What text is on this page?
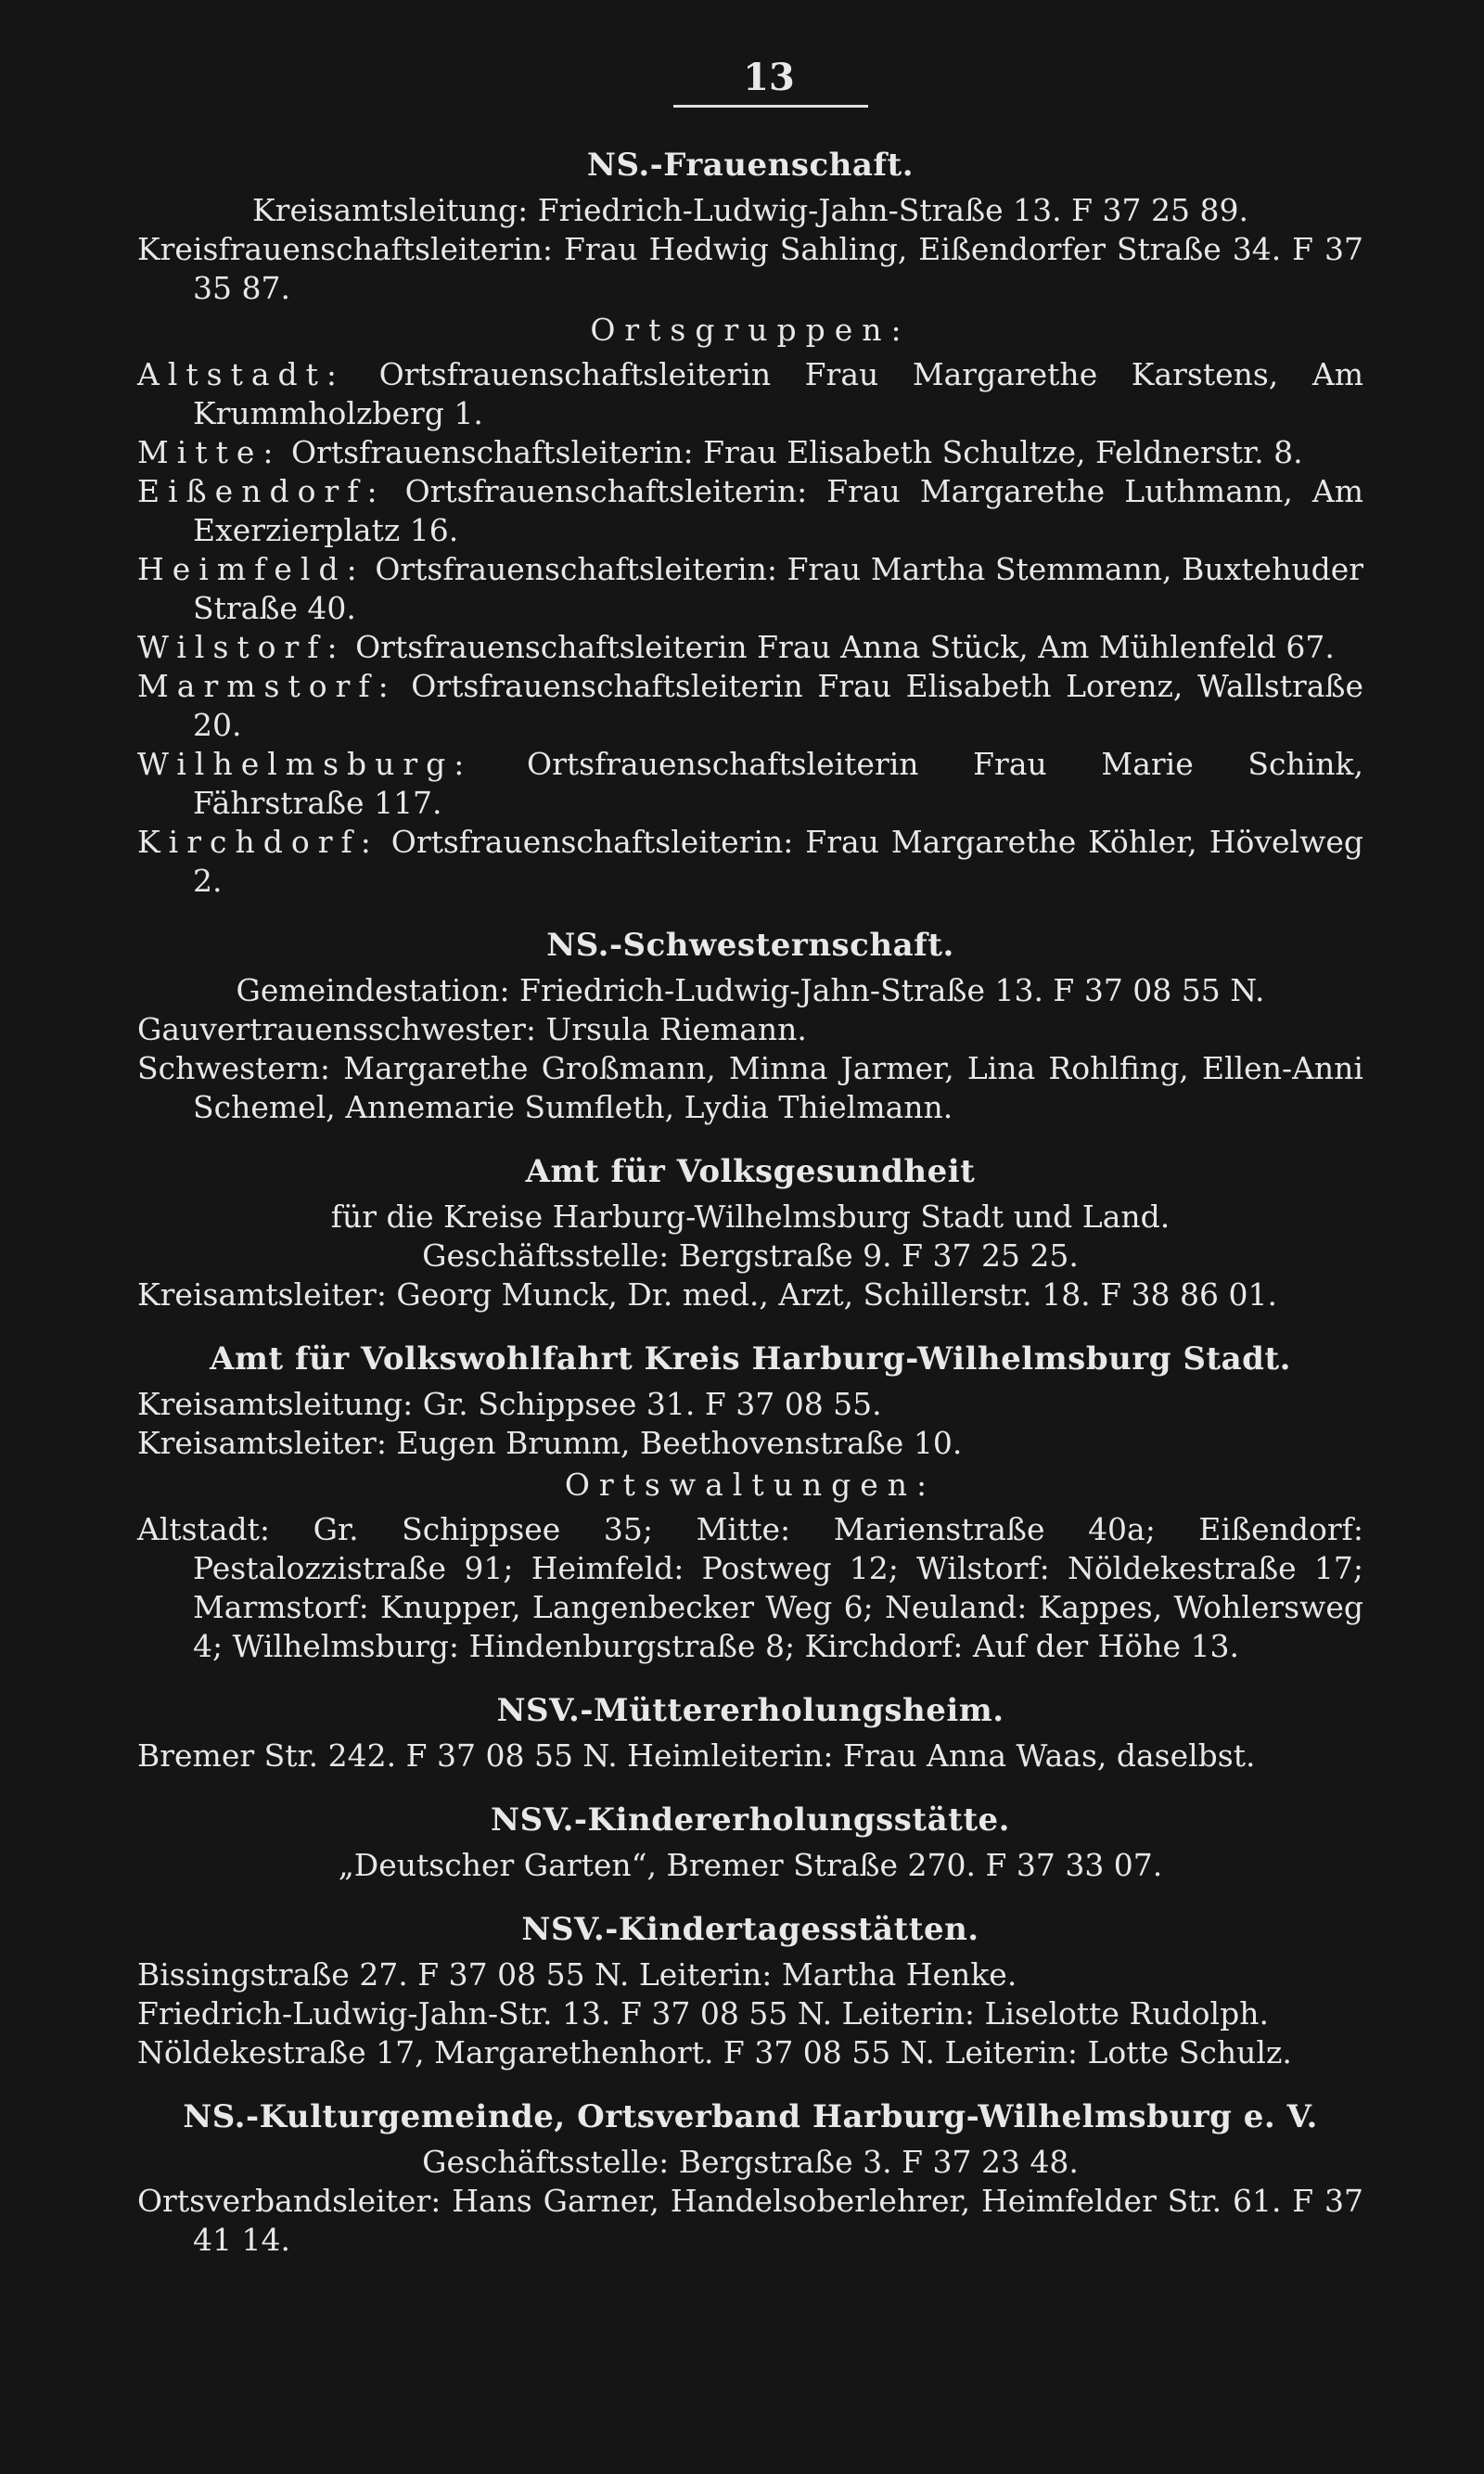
13
NS.-Frauenschaft.

Kreisamtsleitung: Friedrich-Ludwig-Jahn-Straße 13. F 37 25 89.

Kreisfrauenschaftsleiterin: Frau Hedwig Sahling, Eißendorfer Straße 34. F 37 35 87.

Ortsgruppen:

Altstadt: Ortsfrauenschaftsleiterin Frau Margarethe Karstens, Am Krummholzberg 1.

Mitte: Ortsfrauenschaftsleiterin: Frau Elisabeth Schultze, Feldnerstr. 8.

Eißendorf: Ortsfrauenschaftsleiterin: Frau Margarethe Luthmann, Am Exerzierplatz 16.

Heimfeld: Ortsfrauenschaftsleiterin: Frau Martha Stemmann, Buxtehuder Straße 40.

Wilstorf: Ortsfrauenschaftsleiterin Frau Anna Stück, Am Mühlenfeld 67.

Marmstorf: Ortsfrauenschaftsleiterin Frau Elisabeth Lorenz, Wallstraße 20.

Wilhelmsburg: Ortsfrauenschaftsleiterin Frau Marie Schink, Fährstraße 117.

Kirchdorf: Ortsfrauenschaftsleiterin: Frau Margarethe Köhler, Hövelweg 2.

NS.-Schwesternschaft.

Gemeindestation: Friedrich-Ludwig-Jahn-Straße 13. F 37 08 55 N.

Gauvertrauensschwester: Ursula Riemann.

Schwestern: Margarethe Großmann, Minna Jarmer, Lina Rohlfing, Ellen-Anni Schemel, Annemarie Sumfleth, Lydia Thielmann.

Amt für Volksgesundheit

für die Kreise Harburg-Wilhelmsburg Stadt und Land.

Geschäftsstelle: Bergstraße 9. F 37 25 25.

Kreisamtsleiter: Georg Munck, Dr. med., Arzt, Schillerstr. 18. F 38 86 01.

Amt für Volkswohlfahrt Kreis Harburg-Wilhelmsburg Stadt.

Kreisamtsleitung: Gr. Schippsee 31. F 37 08 55.

Kreisamtsleiter: Eugen Brumm, Beethovenstraße 10.

Ortswaltungen:

Altstadt: Gr. Schippsee 35; Mitte: Marienstraße 40a; Eißendorf: Pestalozzistraße 91; Heimfeld: Postweg 12; Wilstorf: Nöldekestraße 17; Marmstorf: Knupper, Langenbecker Weg 6; Neuland: Kappes, Wohlersweg 4; Wilhelmsburg: Hindenburgstraße 8; Kirchdorf: Auf der Höhe 13.

NSV.-Müttererholungsheim.

Bremer Str. 242. F 37 08 55 N. Heimleiterin: Frau Anna Waas, daselbst.

NSV.-Kindererholungsstätte.

„Deutscher Garten“, Bremer Straße 270. F 37 33 07.

NSV.-Kindertagesstätten.

Bissingstraße 27. F 37 08 55 N. Leiterin: Martha Henke.

Friedrich-Ludwig-Jahn-Str. 13. F 37 08 55 N. Leiterin: Liselotte Rudolph.

Nöldekestraße 17, Margarethenhort. F 37 08 55 N. Leiterin: Lotte Schulz.

NS.-Kulturgemeinde, Ortsverband Harburg-Wilhelmsburg e. V.

Geschäftsstelle: Bergstraße 3. F 37 23 48.

Ortsverbandsleiter: Hans Garner, Handelsoberlehrer, Heimfelder Str. 61. F 37 41 14.
